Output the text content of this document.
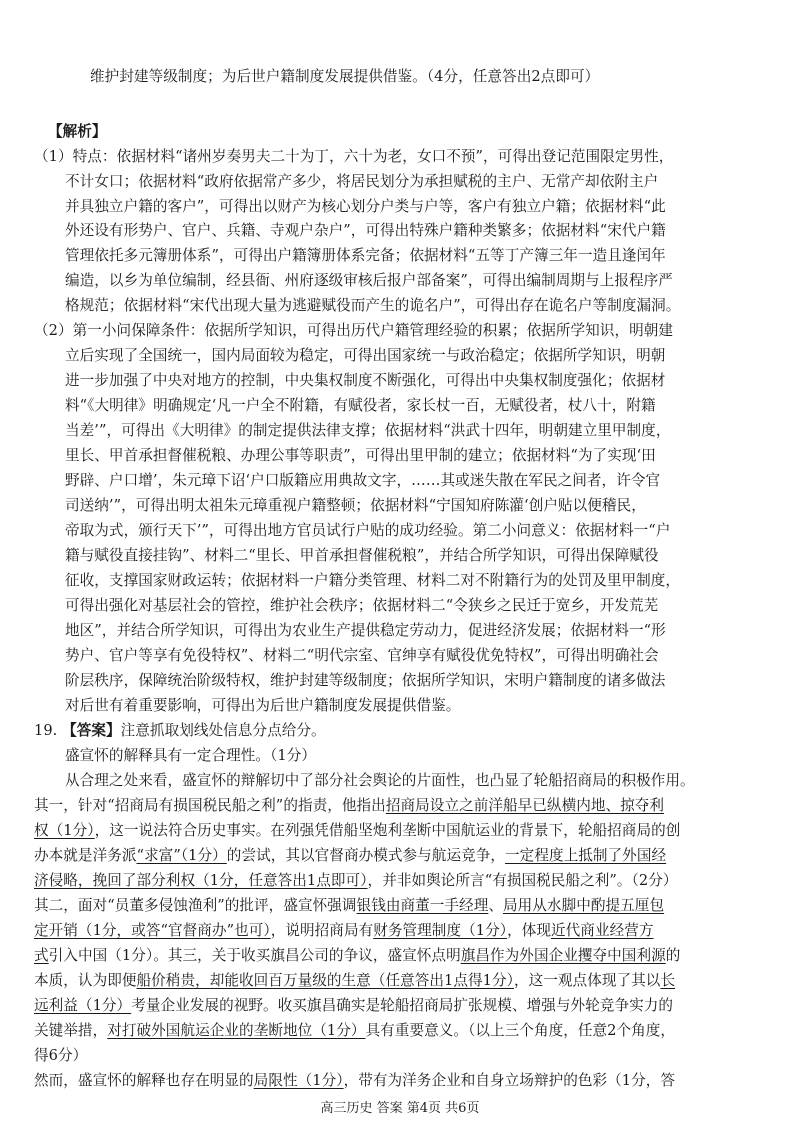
维护封建等级制度；为后世户籍制度发展提供借鉴。（4分，任意答出2点即可）
【解析】
（1）特点：依据材料“诸州岁奏男夫二十为丁，六十为老，女口不预”，可得出登记范围限定男性，
不计女口；依据材料“政府依据常产多少，将居民划分为承担赋税的主户、无常产却依附主户
并具独立户籍的客户”，可得出以财产为核心划分户类与户等，客户有独立户籍；依据材料“此
外还设有形势户、官户、兵籍、寺观户杂户”，可得出特殊户籍种类繁多；依据材料“宋代户籍
管理依托多元簿册体系”，可得出户籍簿册体系完备；依据材料“五等丁产簿三年一造且逢闰年
编造，以乡为单位编制，经县衙、州府逐级审核后报户部备案”，可得出编制周期与上报程序严
格规范；依据材料“宋代出现大量为逃避赋役而产生的诡名户”，可得出存在诡名户等制度漏洞。
（2）第一小问保障条件：依据所学知识，可得出历代户籍管理经验的积累；依据所学知识，明朝建
立后实现了全国统一，国内局面较为稳定，可得出国家统一与政治稳定；依据所学知识，明朝
进一步加强了中央对地方的控制，中央集权制度不断强化，可得出中央集权制度强化；依据材
料“《大明律》明确规定‘凡一户全不附籍，有赋役者，家长杖一百，无赋役者，杖八十，附籍
当差’”，可得出《大明律》的制定提供法律支撑；依据材料“洪武十四年，明朝建立里甲制度，
里长、甲首承担督催税粮、办理公事等职责”，可得出里甲制的建立；依据材料“为了实现‘田
野辟、户口增’，朱元璋下诏‘户口版籍应用典故文字，……其或迷失散在军民之间者，许令官
司送纳’”，可得出明太祖朱元璋重视户籍整顿；依据材料“宁国知府陈灌‘创户贴以便稽民，
帝取为式，颁行天下’”，可得出地方官员试行户贴的成功经验。第二小问意义：依据材料一“户
籍与赋役直接挂钩”、材料二“里长、甲首承担督催税粮”，并结合所学知识，可得出保障赋役
征收，支撑国家财政运转；依据材料一户籍分类管理、材料二对不附籍行为的处罚及里甲制度，
可得出强化对基层社会的管控，维护社会秩序；依据材料二“令狭乡之民迁于宽乡，开发荒芜
地区”，并结合所学知识，可得出为农业生产提供稳定劳动力，促进经济发展；依据材料一“形
势户、官户等享有免役特权”、材料二“明代宗室、官绅享有赋役优免特权”，可得出明确社会
阶层秩序，保障统治阶级特权，维护封建等级制度；依据所学知识，宋明户籍制度的诸多做法
对后世有着重要影响，可得出为后世户籍制度发展提供借鉴。
19. 【答案】注意抓取划线处信息分点给分。
盛宣怀的解释具有一定合理性。（1分）
从合理之处来看，盛宣怀的辩解切中了部分社会舆论的片面性，也凸显了轮船招商局的积极作用。
其一，针对“招商局有损国税民船之利”的指责，他指出招商局设立之前洋船早已纵横内地、掠夺利
权（1分），这一说法符合历史事实。在列强凭借船坚炮利垄断中国航运业的背景下，轮船招商局的创
办本就是洋务派“求富”（1分）的尝试，其以官督商办模式参与航运竞争，一定程度上抵制了外国经
济侵略，挽回了部分利权（1分，任意答出1点即可），并非如舆论所言“有损国税民船之利”。（2分）
其二，面对“员董多侵蚀渔利”的批评，盛宣怀强调银钱由商董一手经理、局用从水脚中酌提五厘包
定开销（1分，或答“官督商办”也可），说明招商局有财务管理制度（1分），体现近代商业经营方
式引入中国（1分）。其三，关于收买旗昌公司的争议，盛宣怀点明旗昌作为外国企业攫夺中国利源的
本质，认为即便船价稍贵，却能收回百万量级的生意（任意答出1点得1分），这一观点体现了其以长
远利益（1分）考量企业发展的视野。收买旗昌确实是轮船招商局扩张规模、增强与外轮竞争实力的
关键举措，对打破外国航运企业的垄断地位（1分）具有重要意义。（以上三个角度，任意2个角度，
得6分）
然而，盛宣怀的解释也存在明显的局限性（1分），带有为洋务企业和自身立场辩护的色彩（1分，答
高三历史 答案 第4页 共6页
